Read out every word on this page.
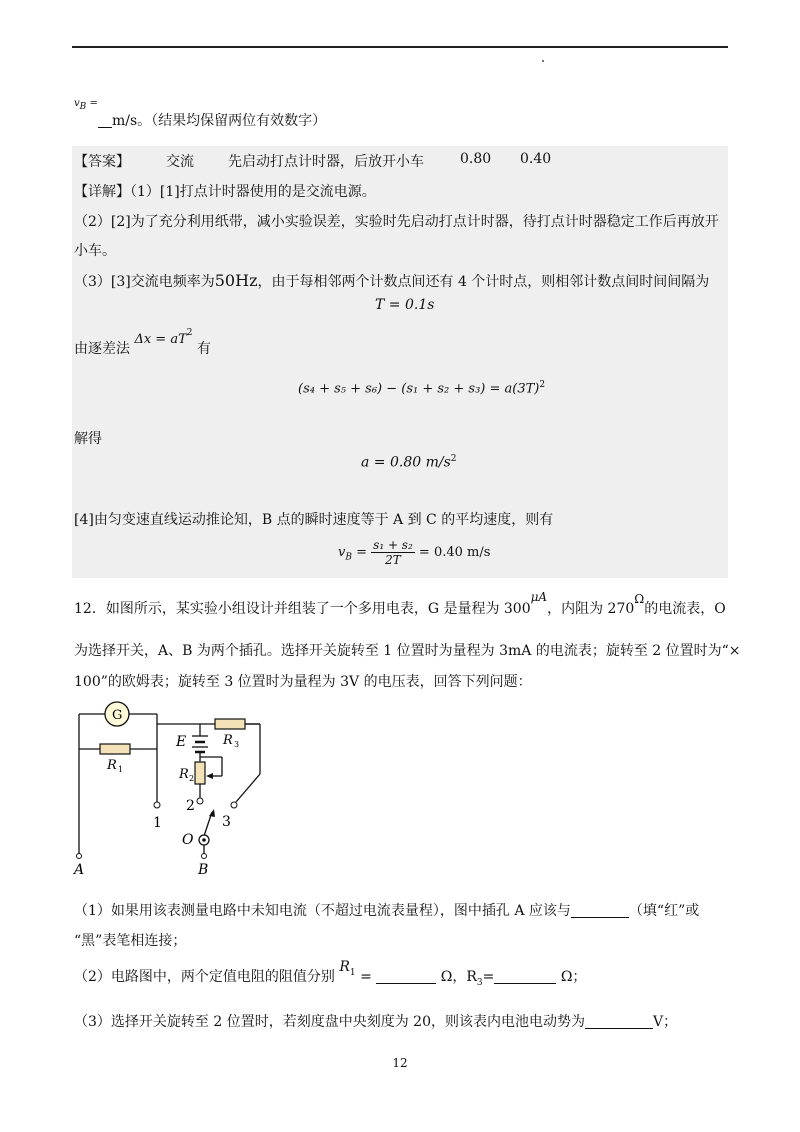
$v_B$ =
m/s。（结果均保留两位有效数字）
【答案】	交流 先启动打点计时器，后放开小车	0.80 0.40
【详解】（1）[1]打点计时器使用的是交流电源。
（2）[2]为了充分利用纸带，减小实验误差，实验时先启动打点计时器，待打点计时器稳定工作后再放开
小车。
（3）[3]交流电频率为50Hz，由于每相邻两个计数点间还有 4 个计时点，则相邻计数点间时间间隔为
T = 0.1s
由逐差法 $\Delta x = aT^2$ 有
$(s_4 + s_5 + s_6) - (s_1 + s_2 + s_3) = a(3T)^2$
解得
a = 0.80 $m/s^2$
[4]由匀变速直线运动推论知，B 点的瞬时速度等于 A 到 C 的平均速度，则有
$v_B = \frac{\text{s₁ + s₂}}{2T} = 0.40$ m/s
12．如图所示，某实验小组设计并组装了一个多用电表，G 是量程为 300μA，内阻为 270Ω的电流表，O
为选择开关，A、B 为两个插孔。选择开关旋转至 1 位置时为量程为 3mA 的电流表；旋转至 2 位置时为“×
100”的欧姆表；旋转至 3 位置时为量程为 3V 的电压表，回答下列问题：
G
R 1
E	R 3
R 2
1
2
3
O
B
A
（1）如果用该表测量电路中未知电流（不超过电流表量程），图中插孔 A 应该与	（填“红”或
“黑”表笔相连接；
（2）电路图中，两个定值电阻的阻值分别 $R_1$ =	Ω，$R_3=$	Ω；
（3）选择开关旋转至 2 位置时，若刻度盘中央刻度为 20，则该表内电池电动势为	V；
12
